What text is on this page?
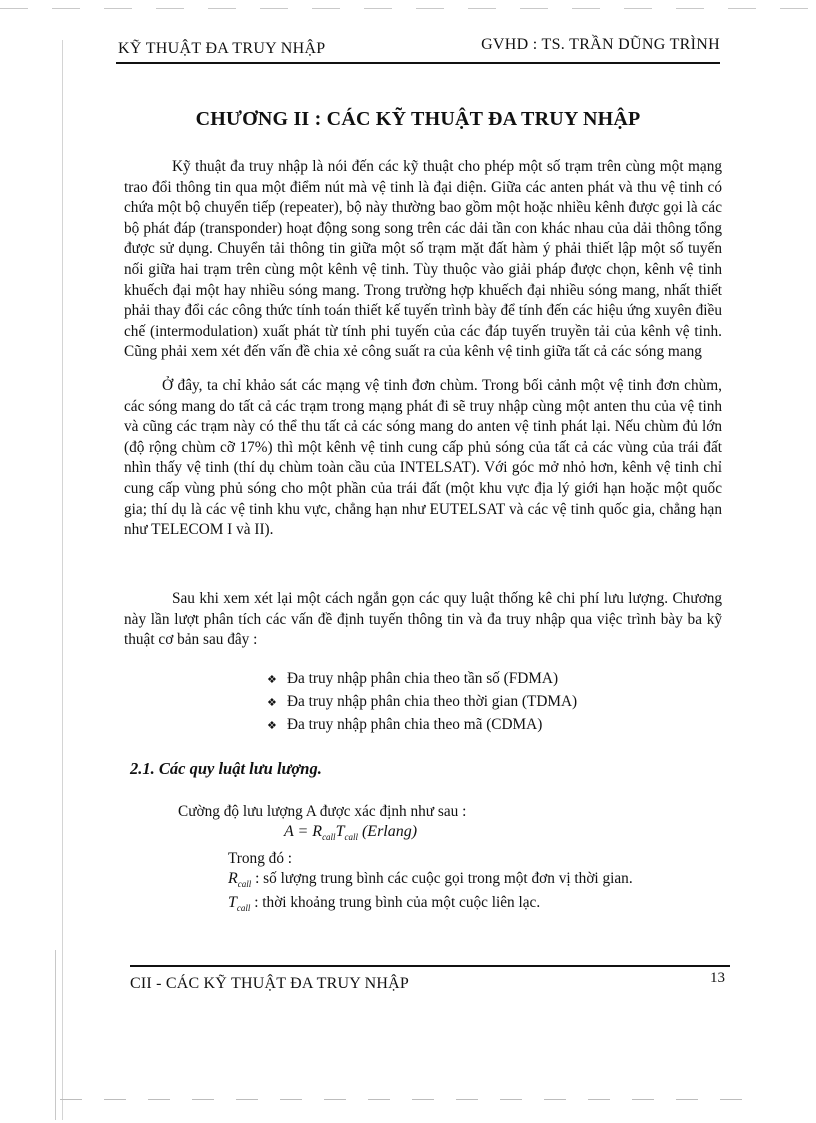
KỸ THUẬT ĐA TRUY NHẬP	GVHD : TS. TRẦN DŨNG TRÌNH
CHƯƠNG II : CÁC KỸ THUẬT ĐA TRUY NHẬP

Kỹ thuật đa truy nhập là nói đến các kỹ thuật cho phép một số trạm trên cùng một mạng trao đổi thông tin qua một điểm nút mà vệ tinh là đại diện. Giữa các anten phát và thu vệ tinh có chứa một bộ chuyển tiếp (repeater), bộ này thường bao gồm một hoặc nhiều kênh được gọi là các bộ phát đáp (transponder) hoạt động song song trên các dải tần con khác nhau của dải thông tổng được sử dụng. Chuyển tải thông tin giữa một số trạm mặt đất hàm ý phải thiết lập một số tuyến nối giữa hai trạm trên cùng một kênh vệ tinh. Tùy thuộc vào giải pháp được chọn, kênh vệ tinh khuếch đại một hay nhiều sóng mang. Trong trường hợp khuếch đại nhiều sóng mang, nhất thiết phải thay đổi các công thức tính toán thiết kế tuyến trình bày để tính đến các hiệu ứng xuyên điều chế (intermodulation) xuất phát từ tính phi tuyến của các đáp tuyến truyền tải của kênh vệ tinh. Cũng phải xem xét đến vấn đề chia xẻ công suất ra của kênh vệ tinh giữa tất cả các sóng mang

Ở đây, ta chỉ khảo sát các mạng vệ tinh đơn chùm. Trong bối cảnh một vệ tinh đơn chùm, các sóng mang do tất cả các trạm trong mạng phát đi sẽ truy nhập cùng một anten thu của vệ tinh và cũng các trạm này có thể thu tất cả các sóng mang do anten vệ tinh phát lại. Nếu chùm đủ lớn (độ rộng chùm cỡ 17%) thì một kênh vệ tinh cung cấp phủ sóng của tất cả các vùng của trái đất nhìn thấy vệ tinh (thí dụ chùm toàn cầu của INTELSAT). Với góc mở nhỏ hơn, kênh vệ tinh chỉ cung cấp vùng phủ sóng cho một phần của trái đất (một khu vực địa lý giới hạn hoặc một quốc gia; thí dụ là các vệ tinh khu vực, chẳng hạn như EUTELSAT và các vệ tinh quốc gia, chẳng hạn như TELECOM I và II).

Sau khi xem xét lại một cách ngắn gọn các quy luật thống kê chi phí lưu lượng. Chương này lần lượt phân tích các vấn đề định tuyến thông tin và đa truy nhập qua việc trình bày ba kỹ thuật cơ bản sau đây :

❖ Đa truy nhập phân chia theo tần số (FDMA)
❖ Đa truy nhập phân chia theo thời gian (TDMA)
❖ Đa truy nhập phân chia theo mã (CDMA)
2.1. Các quy luật lưu lượng.
Cường độ lưu lượng A được xác định như sau :
$A = R_{call}T_{call}$ (Erlang)
Trong đó :
$R_{call}$ : số lượng trung bình các cuộc gọi trong một đơn vị thời gian.
$T_{call}$ : thời khoảng trung bình của một cuộc liên lạc.
CII - CÁC KỸ THUẬT ĐA TRUY NHẬP	13
